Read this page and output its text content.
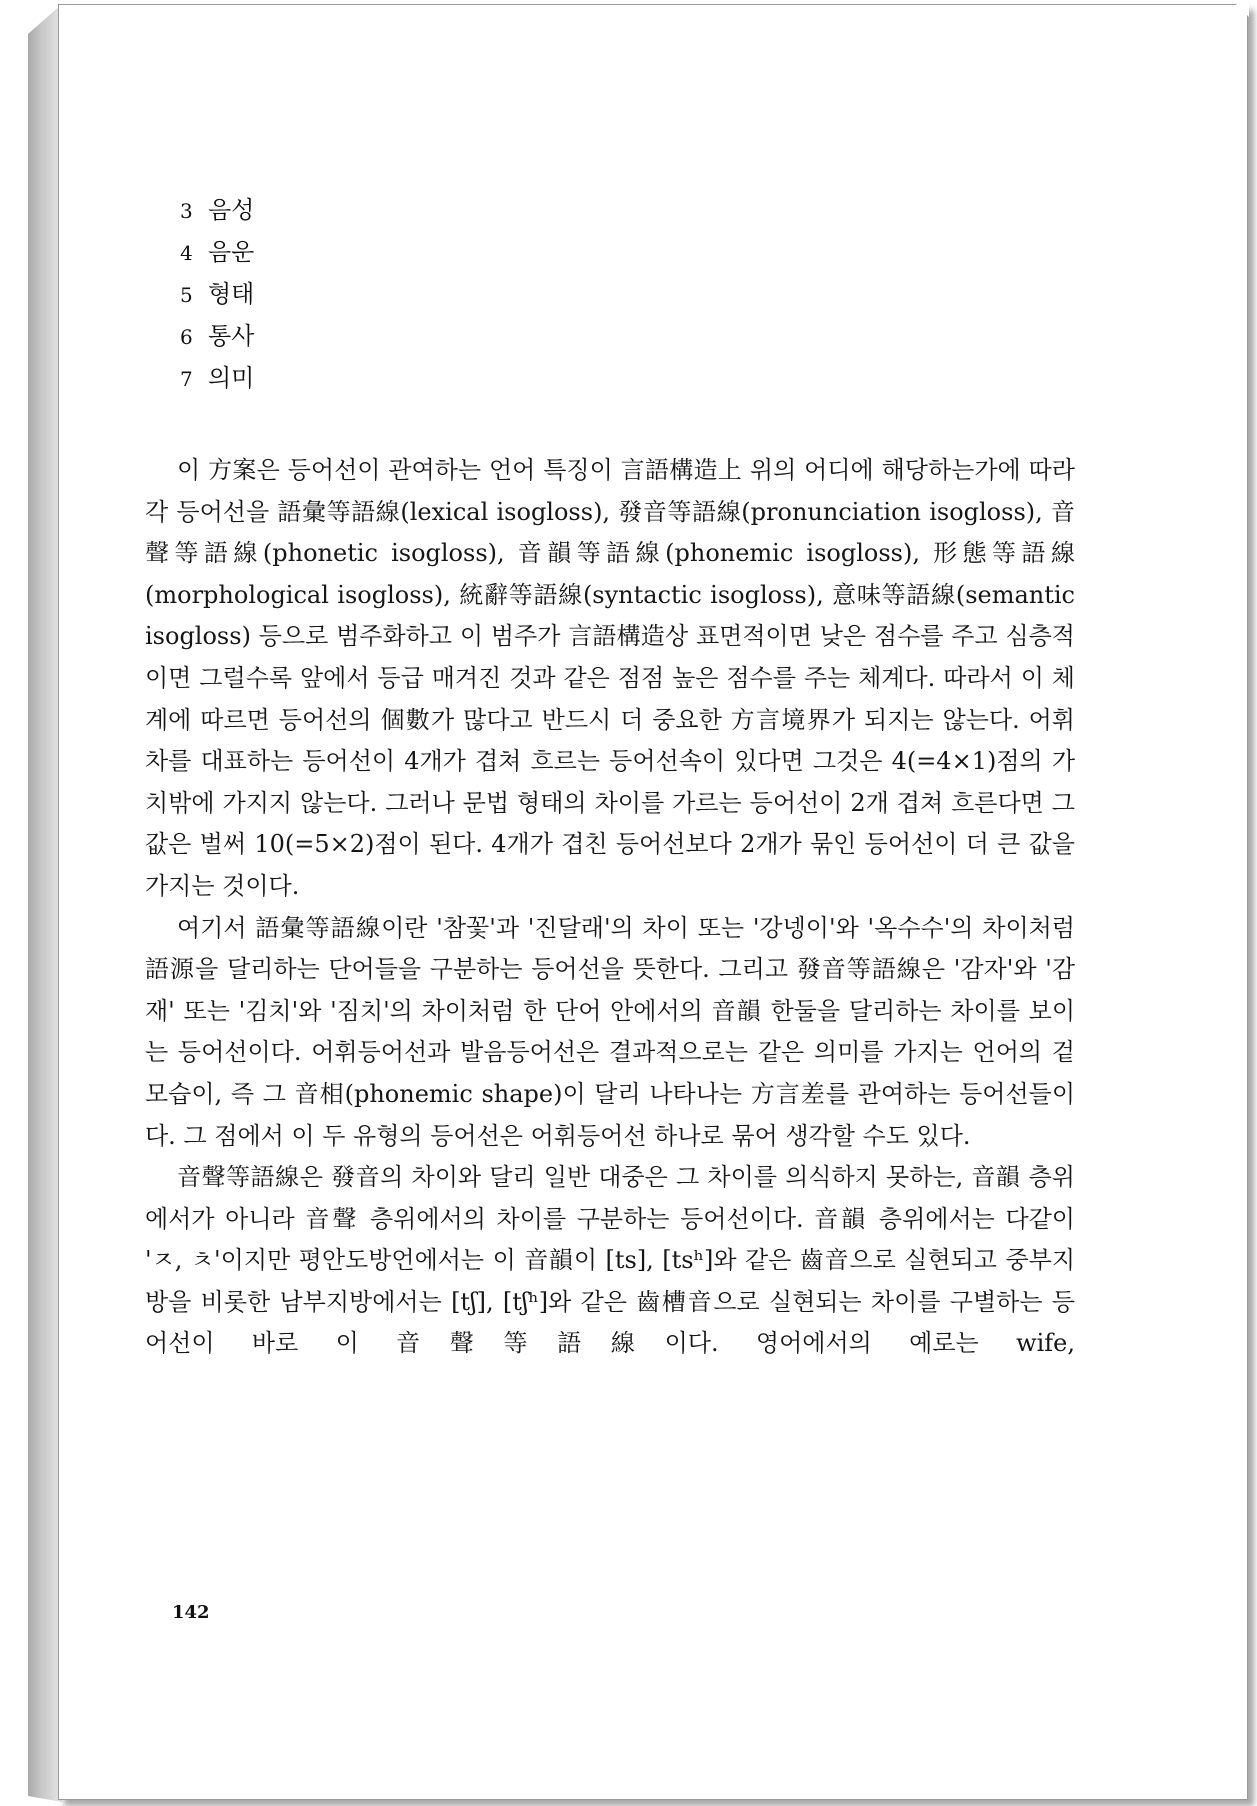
3 음성
4 음운
5 형태
6 통사
7 의미

이 方案은 등어선이 관여하는 언어 특징이 言語構造上 위의 어디에 해당하는가에 따라 각 등어선을 語彙等語線(lexical isogloss), 發音等語線(pronunciation isogloss), 音聲等語線(phonetic isogloss), 音韻等語線(phonemic isogloss), 形態等語線(morphological isogloss), 統辭等語線(syntactic isogloss), 意味等語線(semantic isogloss) 등으로 범주화하고 이 범주가 言語構造상 표면적이면 낮은 점수를 주고 심층적이면 그럴수록 앞에서 등급 매겨진 것과 같은 점점 높은 점수를 주는 체계다. 따라서 이 체계에 따르면 등어선의 個數가 많다고 반드시 더 중요한 方言境界가 되지는 않는다. 어휘차를 대표하는 등어선이 4개가 겹쳐 흐르는 등어선속이 있다면 그것은 4(=4×1)점의 가치밖에 가지지 않는다. 그러나 문법 형태의 차이를 가르는 등어선이 2개 겹쳐 흐른다면 그 값은 벌써 10(=5×2)점이 된다. 4개가 겹친 등어선보다 2개가 묶인 등어선이 더 큰 값을 가지는 것이다.

여기서 語彙等語線이란 '참꽃'과 '진달래'의 차이 또는 '강넹이'와 '옥수수'의 차이처럼 語源을 달리하는 단어들을 구분하는 등어선을 뜻한다. 그리고 發音等語線은 '감자'와 '감재' 또는 '김치'와 '짐치'의 차이처럼 한 단어 안에서의 音韻 한둘을 달리하는 차이를 보이는 등어선이다. 어휘등어선과 발음등어선은 결과적으로는 같은 의미를 가지는 언어의 겉모습이, 즉 그 音相(phonemic shape)이 달리 나타나는 方言差를 관여하는 등어선들이다. 그 점에서 이 두 유형의 등어선은 어휘등어선 하나로 묶어 생각할 수도 있다.

音聲等語線은 發音의 차이와 달리 일반 대중은 그 차이를 의식하지 못하는, 音韻 층위에서가 아니라 音聲 층위에서의 차이를 구분하는 등어선이다. 音韻 층위에서는 다같이 'ㅈ, ㅊ'이지만 평안도방언에서는 이 音韻이 [ts], [tsʰ]와 같은 齒音으로 실현되고 중부지방을 비롯한 남부지방에서는 [tʃ], [tʃʰ]와 같은 齒槽音으로 실현되는 차이를 구별하는 등어선이 바로 이 音聲等語線이다. 영어에서의 예로는 wife,

142
